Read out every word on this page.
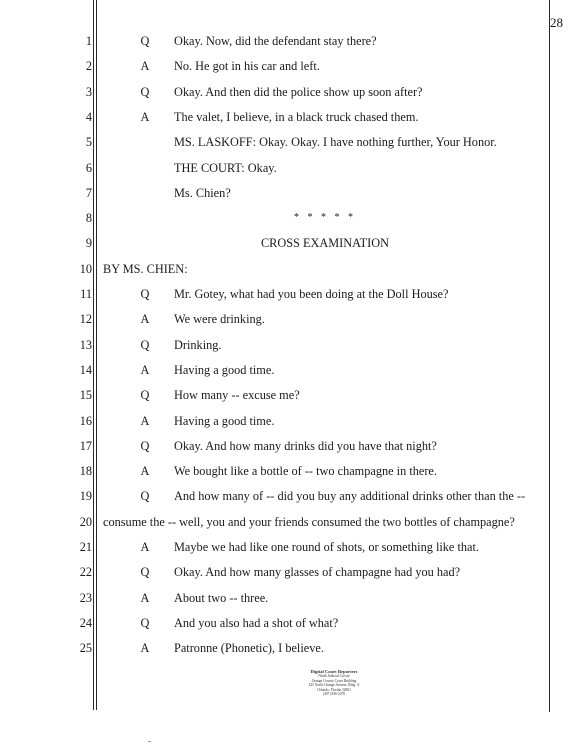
28
1	Q Okay. Now, did the defendant stay there?
2	A No. He got in his car and left.
3	Q Okay. And then did the police show up soon after?
4	A The valet, I believe, in a black truck chased them.
5	MS. LASKOFF: Okay. Okay. I have nothing further, Your Honor.
6	THE COURT: Okay.
7	Ms. Chien?
8	* * * * *
9	CROSS EXAMINATION
10 BY MS. CHIEN:
11	Q Mr. Gotey, what had you been doing at the Doll House?
12	A We were drinking.
13	Q Drinking.
14	A Having a good time.
15	Q How many -- excuse me?
16	A Having a good time.
17	Q Okay. And how many drinks did you have that night?
18	A We bought like a bottle of -- two champagne in there.
19	Q And how many of -- did you buy any additional drinks other than the --
20 consume the -- well, you and your friends consumed the two bottles of champagne?
21	A Maybe we had like one round of shots, or something like that.
22	Q Okay. And how many glasses of champagne had you had?
23	A About two -- three.
24	Q And you also had a shot of what?
25	A Patronne (Phonetic), I believe.
Digital Court Reporters
Ninth Judicial Circuit
Orange County Court Building
425 North Orange Avenue, Bldg. A
Orlando, Florida 32801
(407) 836-2270
